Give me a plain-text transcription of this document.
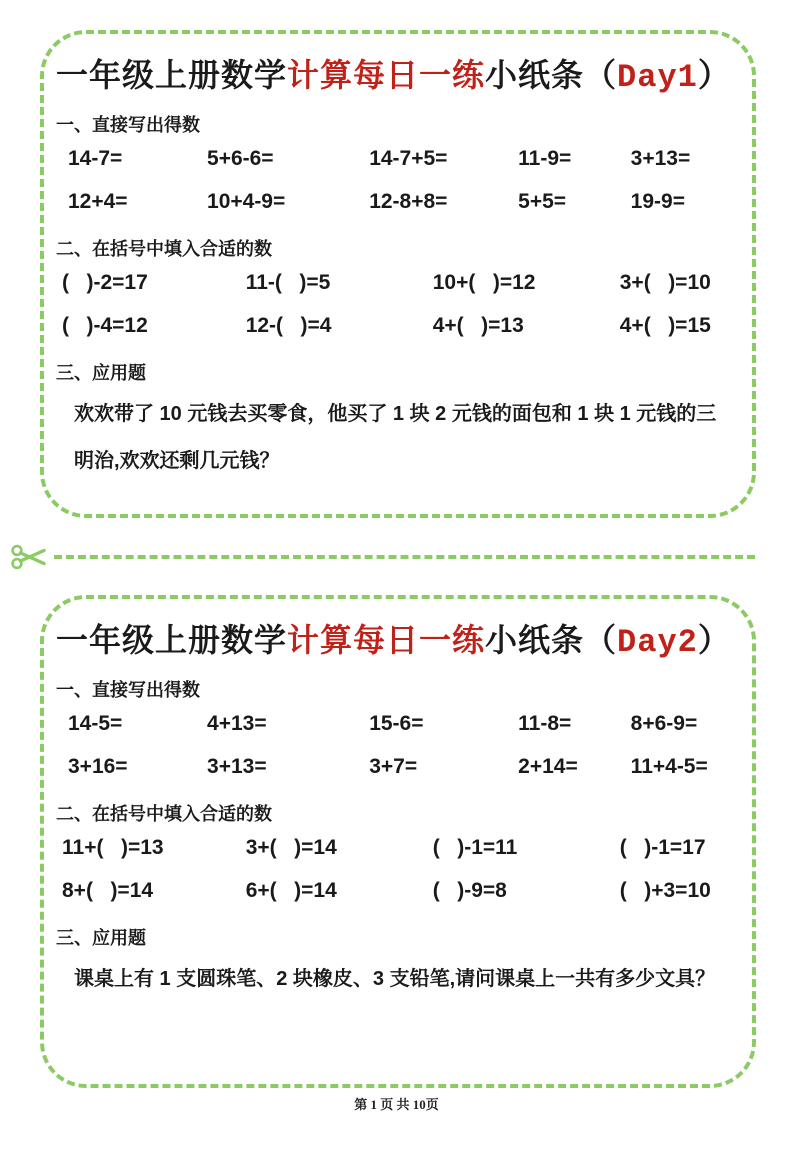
一年级上册数学计算每日一练小纸条（Day1）
一、直接写出得数
14-7=	5+6-6=	14-7+5=	11-9=	3+13=
12+4=	10+4-9=	12-8+8=	5+5=	19-9=
二、在括号中填入合适的数
(   )-2=17	11-(   )=5	10+(   )=12	3+(   )=10
(   )-4=12	12-(   )=4	4+(   )=13	4+(   )=15
三、应用题
欢欢带了 10 元钱去买零食，他买了 1 块 2 元钱的面包和 1 块 1 元钱的三明治,欢欢还剩几元钱？
一年级上册数学计算每日一练小纸条（Day2）
一、直接写出得数
14-5=	4+13=	15-6=	11-8=	8+6-9=
3+16=	3+13=	3+7=	2+14=	11+4-5=
二、在括号中填入合适的数
11+(   )=13	3+(   )=14	(   )-1=11	(   )-1=17
8+(   )=14	6+(   )=14	(   )-9=8	(   )+3=10
三、应用题
课桌上有 1 支圆珠笔、2 块橡皮、3 支铅笔,请问课桌上一共有多少文具？
第 1 页 共 10页
